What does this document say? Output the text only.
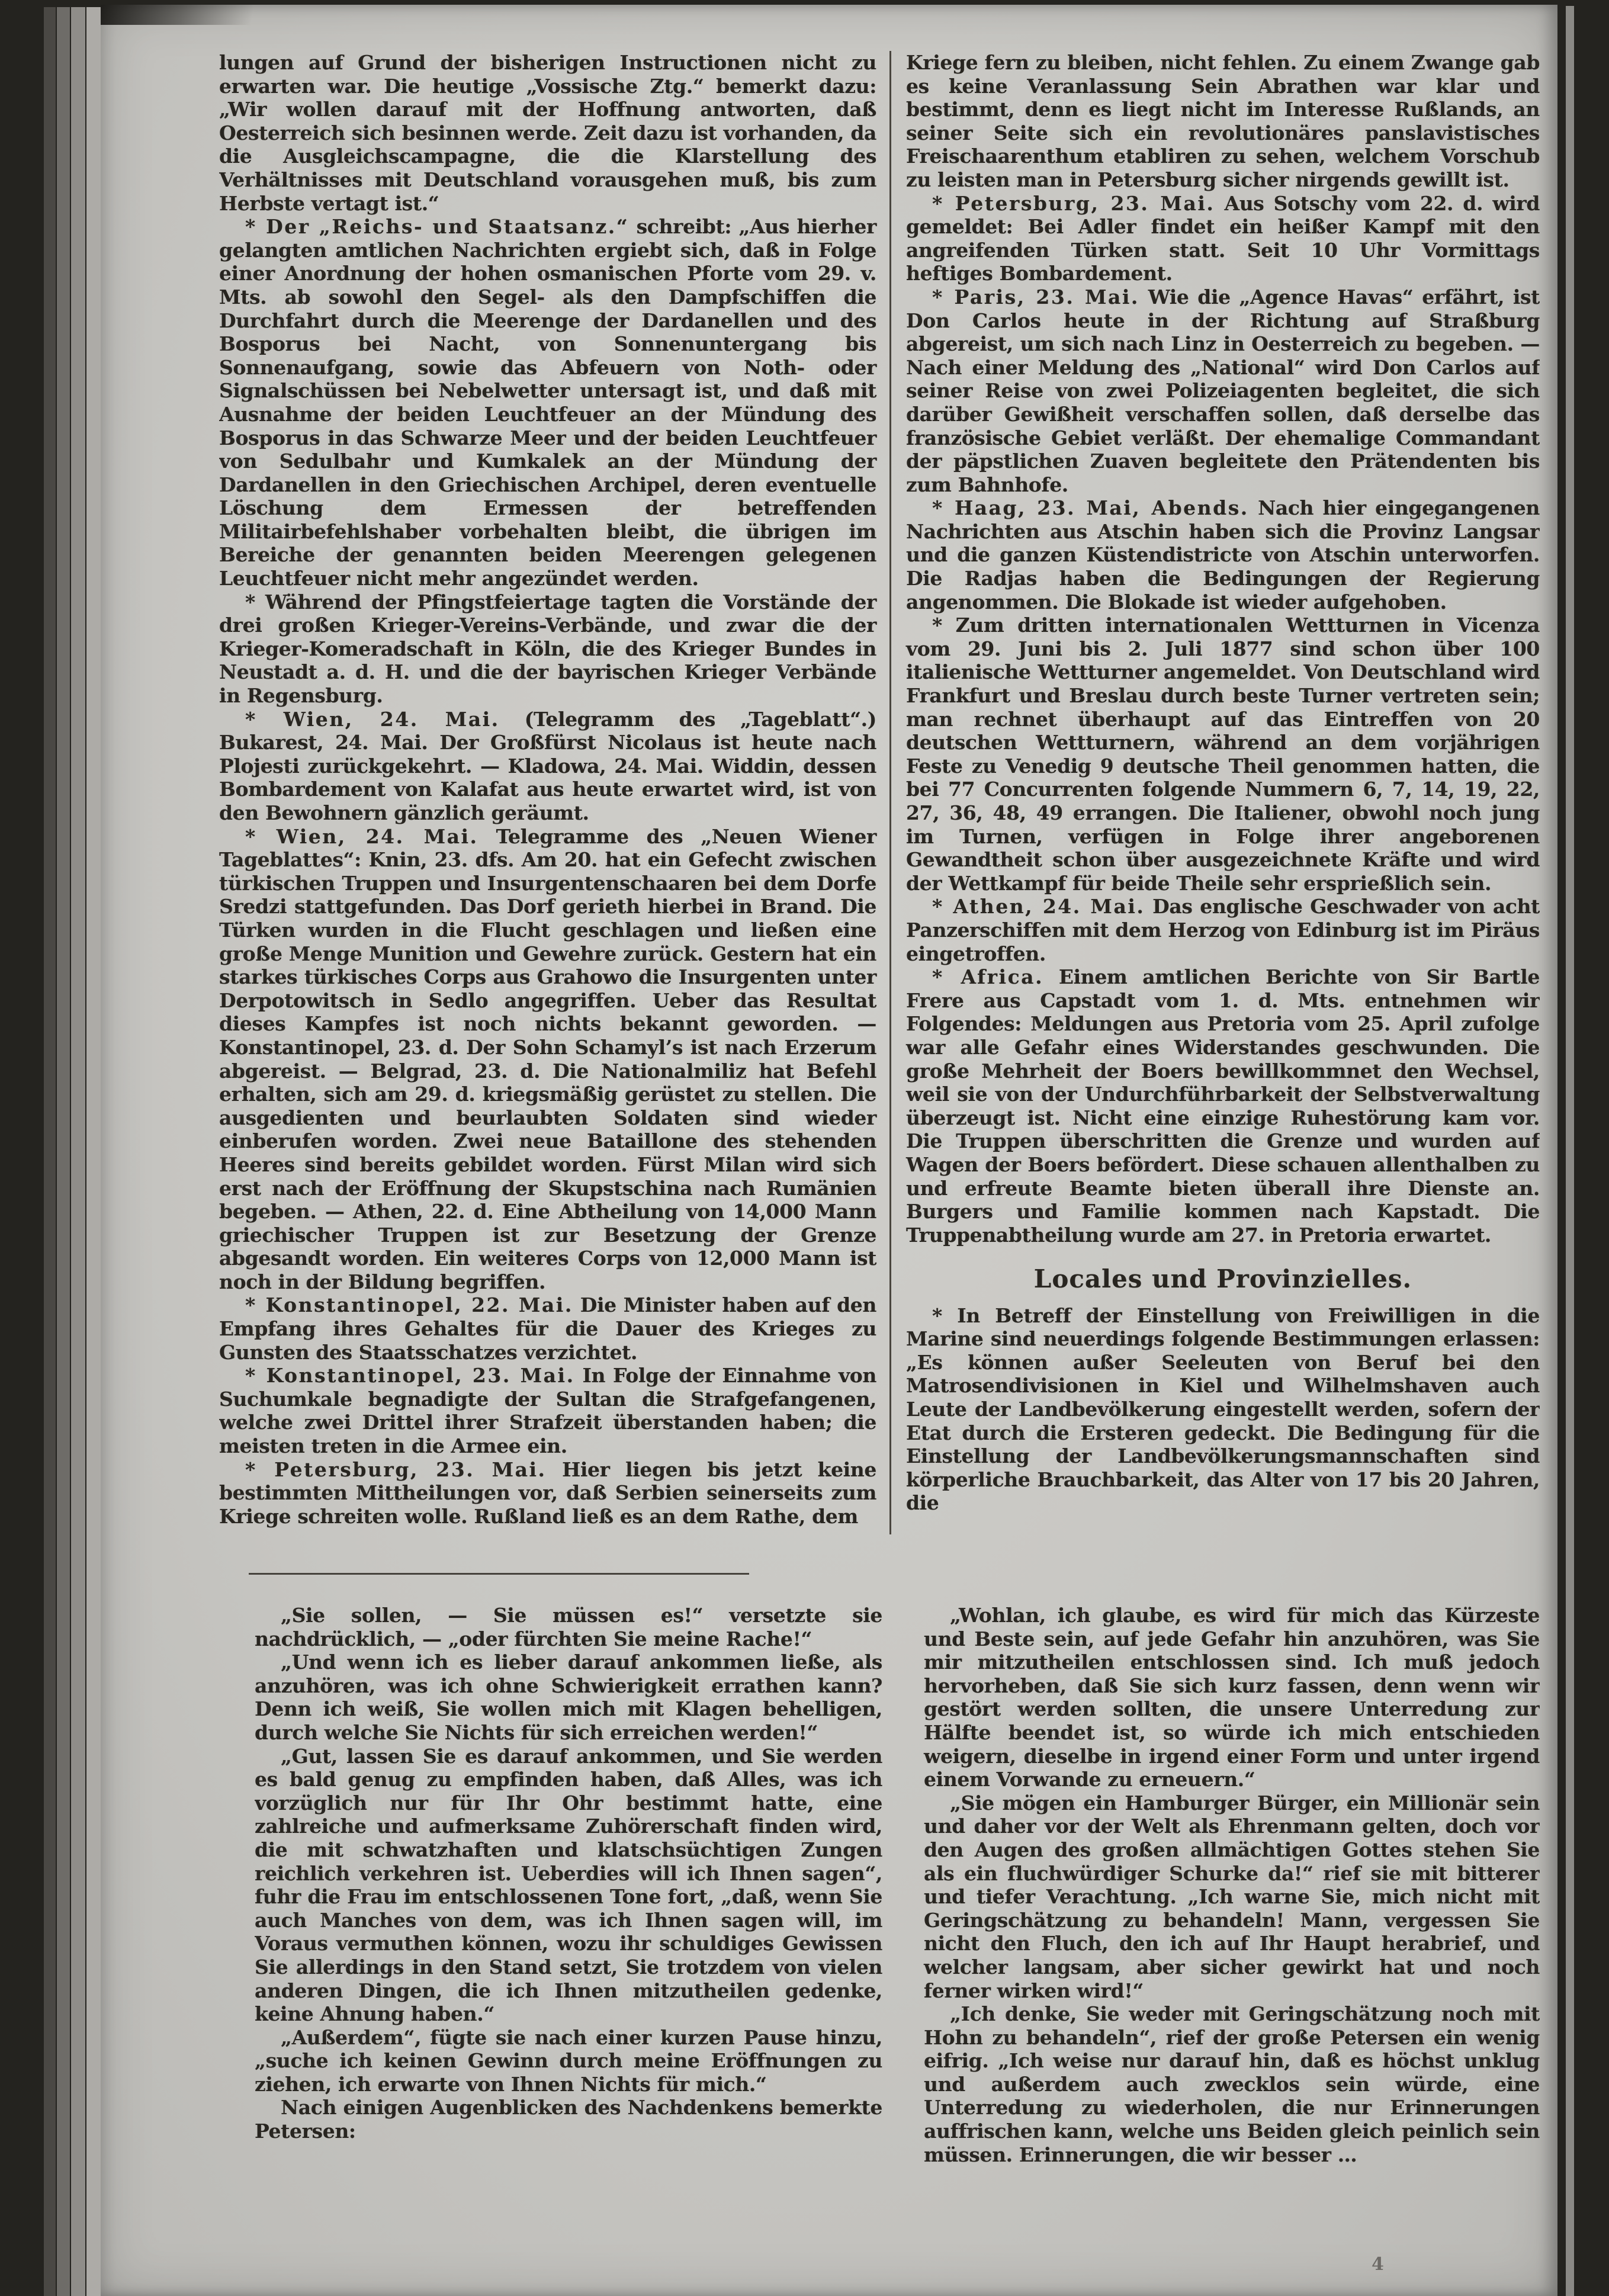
lungen auf Grund der bisherigen Instructionen nicht zu erwarten war. Die heutige „Vossische Ztg.“ bemerkt dazu: „Wir wollen darauf mit der Hoffnung antworten, daß Oesterreich sich besinnen werde. Zeit dazu ist vorhanden, da die Ausgleichscampagne, die die Klarstellung des Verhältnisses mit Deutschland vorausgehen muß, bis zum Herbste vertagt ist.“

* Der „Reichs- und Staatsanz.“ schreibt: „Aus hierher gelangten amtlichen Nachrichten ergiebt sich, daß in Folge einer Anordnung der hohen osmanischen Pforte vom 29. v. Mts. ab sowohl den Segel- als den Dampfschiffen die Durchfahrt durch die Meerenge der Dardanellen und des Bosporus bei Nacht, von Sonnenuntergang bis Sonnenaufgang, sowie das Abfeuern von Noth- oder Signalschüssen bei Nebelwetter untersagt ist, und daß mit Ausnahme der beiden Leuchtfeuer an der Mündung des Bosporus in das Schwarze Meer und der beiden Leuchtfeuer von Sedulbahr und Kumkalek an der Mündung der Dardanellen in den Griechischen Archipel, deren eventuelle Löschung dem Ermessen der betreffenden Militairbefehlshaber vorbehalten bleibt, die übrigen im Bereiche der genannten beiden Meerengen gelegenen Leuchtfeuer nicht mehr angezündet werden.

* Während der Pfingstfeiertage tagten die Vorstände der drei großen Krieger-Vereins-Verbände, und zwar die der Krieger-Komeradschaft in Köln, die des Krieger Bundes in Neustadt a. d. H. und die der bayrischen Krieger Verbände in Regensburg.

* Wien, 24. Mai. (Telegramm des „Tageblatt“.) Bukarest, 24. Mai. Der Großfürst Nicolaus ist heute nach Plojesti zurückgekehrt. — Kladowa, 24. Mai. Widdin, dessen Bombardement von Kalafat aus heute erwartet wird, ist von den Bewohnern gänzlich geräumt.

* Wien, 24. Mai. Telegramme des „Neuen Wiener Tageblattes“: Knin, 23. dfs. Am 20. hat ein Gefecht zwischen türkischen Truppen und Insurgentenschaaren bei dem Dorfe Sredzi stattgefunden. Das Dorf gerieth hierbei in Brand. Die Türken wurden in die Flucht geschlagen und ließen eine große Menge Munition und Gewehre zurück. Gestern hat ein starkes türkisches Corps aus Grahowo die Insurgenten unter Derpotowitsch in Sedlo angegriffen. Ueber das Resultat dieses Kampfes ist noch nichts bekannt geworden. — Konstantinopel, 23. d. Der Sohn Schamyl’s ist nach Erzerum abgereist. — Belgrad, 23. d. Die Nationalmiliz hat Befehl erhalten, sich am 29. d. kriegsmäßig gerüstet zu stellen. Die ausgedienten und beurlaubten Soldaten sind wieder einberufen worden. Zwei neue Bataillone des stehenden Heeres sind bereits gebildet worden. Fürst Milan wird sich erst nach der Eröffnung der Skupstschina nach Rumänien begeben. — Athen, 22. d. Eine Abtheilung von 14,000 Mann griechischer Truppen ist zur Besetzung der Grenze abgesandt worden. Ein weiteres Corps von 12,000 Mann ist noch in der Bildung begriffen.

* Konstantinopel, 22. Mai. Die Minister haben auf den Empfang ihres Gehaltes für die Dauer des Krieges zu Gunsten des Staatsschatzes verzichtet.

* Konstantinopel, 23. Mai. In Folge der Einnahme von Suchumkale begnadigte der Sultan die Strafgefangenen, welche zwei Drittel ihrer Strafzeit überstanden haben; die meisten treten in die Armee ein.

* Petersburg, 23. Mai. Hier liegen bis jetzt keine bestimmten Mittheilungen vor, daß Serbien seinerseits zum Kriege schreiten wolle. Rußland ließ es an dem Rathe, dem

Kriege fern zu bleiben, nicht fehlen. Zu einem Zwange gab es keine Veranlassung Sein Abrathen war klar und bestimmt, denn es liegt nicht im Interesse Rußlands, an seiner Seite sich ein revolutionäres panslavistisches Freischaarenthum etabliren zu sehen, welchem Vorschub zu leisten man in Petersburg sicher nirgends gewillt ist.

* Petersburg, 23. Mai. Aus Sotschy vom 22. d. wird gemeldet: Bei Adler findet ein heißer Kampf mit den angreifenden Türken statt. Seit 10 Uhr Vormittags heftiges Bombardement.

* Paris, 23. Mai. Wie die „Agence Havas“ erfährt, ist Don Carlos heute in der Richtung auf Straßburg abgereist, um sich nach Linz in Oesterreich zu begeben. — Nach einer Meldung des „National“ wird Don Carlos auf seiner Reise von zwei Polizeiagenten begleitet, die sich darüber Gewißheit verschaffen sollen, daß derselbe das französische Gebiet verläßt. Der ehemalige Commandant der päpstlichen Zuaven begleitete den Prätendenten bis zum Bahnhofe.

* Haag, 23. Mai, Abends. Nach hier eingegangenen Nachrichten aus Atschin haben sich die Provinz Langsar und die ganzen Küstendistricte von Atschin unterworfen. Die Radjas haben die Bedingungen der Regierung angenommen. Die Blokade ist wieder aufgehoben.

* Zum dritten internationalen Wettturnen in Vicenza vom 29. Juni bis 2. Juli 1877 sind schon über 100 italienische Wettturner angemeldet. Von Deutschland wird Frankfurt und Breslau durch beste Turner vertreten sein; man rechnet überhaupt auf das Eintreffen von 20 deutschen Wettturnern, während an dem vorjährigen Feste zu Venedig 9 deutsche Theil genommen hatten, die bei 77 Concurrenten folgende Nummern 6, 7, 14, 19, 22, 27, 36, 48, 49 errangen. Die Italiener, obwohl noch jung im Turnen, verfügen in Folge ihrer angeborenen Gewandtheit schon über ausgezeichnete Kräfte und wird der Wettkampf für beide Theile sehr ersprießlich sein.

* Athen, 24. Mai. Das englische Geschwader von acht Panzerschiffen mit dem Herzog von Edinburg ist im Piräus eingetroffen.

* Africa. Einem amtlichen Berichte von Sir Bartle Frere aus Capstadt vom 1. d. Mts. entnehmen wir Folgendes: Meldungen aus Pretoria vom 25. April zufolge war alle Gefahr eines Widerstandes geschwunden. Die große Mehrheit der Boers bewillkommnet den Wechsel, weil sie von der Undurchführbarkeit der Selbstverwaltung überzeugt ist. Nicht eine einzige Ruhestörung kam vor. Die Truppen überschritten die Grenze und wurden auf Wagen der Boers befördert. Diese schauen allenthalben zu und erfreute Beamte bieten überall ihre Dienste an. Burgers und Familie kommen nach Kapstadt. Die Truppenabtheilung wurde am 27. in Pretoria erwartet.

Locales und Provinzielles.

* In Betreff der Einstellung von Freiwilligen in die Marine sind neuerdings folgende Bestimmungen erlassen: „Es können außer Seeleuten von Beruf bei den Matrosendivisionen in Kiel und Wilhelmshaven auch Leute der Landbevölkerung eingestellt werden, sofern der Etat durch die Ersteren gedeckt. Die Bedingung für die Einstellung der Landbevölkerungsmannschaften sind körperliche Brauchbarkeit, das Alter von 17 bis 20 Jahren, die

„Sie sollen, — Sie müssen es!“ versetzte sie nachdrücklich, — „oder fürchten Sie meine Rache!“

„Und wenn ich es lieber darauf ankommen ließe, als anzuhören, was ich ohne Schwierigkeit errathen kann? Denn ich weiß, Sie wollen mich mit Klagen behelligen, durch welche Sie Nichts für sich erreichen werden!“

„Gut, lassen Sie es darauf ankommen, und Sie werden es bald genug zu empfinden haben, daß Alles, was ich vorzüglich nur für Ihr Ohr bestimmt hatte, eine zahlreiche und aufmerksame Zuhörerschaft finden wird, die mit schwatzhaften und klatschsüchtigen Zungen reichlich verkehren ist. Ueberdies will ich Ihnen sagen“, fuhr die Frau im entschlossenen Tone fort, „daß, wenn Sie auch Manches von dem, was ich Ihnen sagen will, im Voraus vermuthen können, wozu ihr schuldiges Gewissen Sie allerdings in den Stand setzt, Sie trotzdem von vielen anderen Dingen, die ich Ihnen mitzutheilen gedenke, keine Ahnung haben.“

„Außerdem“, fügte sie nach einer kurzen Pause hinzu, „suche ich keinen Gewinn durch meine Eröffnungen zu ziehen, ich erwarte von Ihnen Nichts für mich.“

Nach einigen Augenblicken des Nachdenkens bemerkte Petersen:

„Wohlan, ich glaube, es wird für mich das Kürzeste und Beste sein, auf jede Gefahr hin anzuhören, was Sie mir mitzutheilen entschlossen sind. Ich muß jedoch hervorheben, daß Sie sich kurz fassen, denn wenn wir gestört werden sollten, die unsere Unterredung zur Hälfte beendet ist, so würde ich mich entschieden weigern, dieselbe in irgend einer Form und unter irgend einem Vorwande zu erneuern.“

„Sie mögen ein Hamburger Bürger, ein Millionär sein und daher vor der Welt als Ehrenmann gelten, doch vor den Augen des großen allmächtigen Gottes stehen Sie als ein fluchwürdiger Schurke da!“ rief sie mit bitterer und tiefer Verachtung. „Ich warne Sie, mich nicht mit Geringschätzung zu behandeln! Mann, vergessen Sie nicht den Fluch, den ich auf Ihr Haupt herabrief, und welcher langsam, aber sicher gewirkt hat und noch ferner wirken wird!“

„Ich denke, Sie weder mit Geringschätzung noch mit Hohn zu behandeln“, rief der große Petersen ein wenig eifrig. „Ich weise nur darauf hin, daß es höchst unklug und außerdem auch zwecklos sein würde, eine Unterredung zu wiederholen, die nur Erinnerungen auffrischen kann, welche uns Beiden gleich peinlich sein müssen. Erinnerungen, die wir besser …

4
